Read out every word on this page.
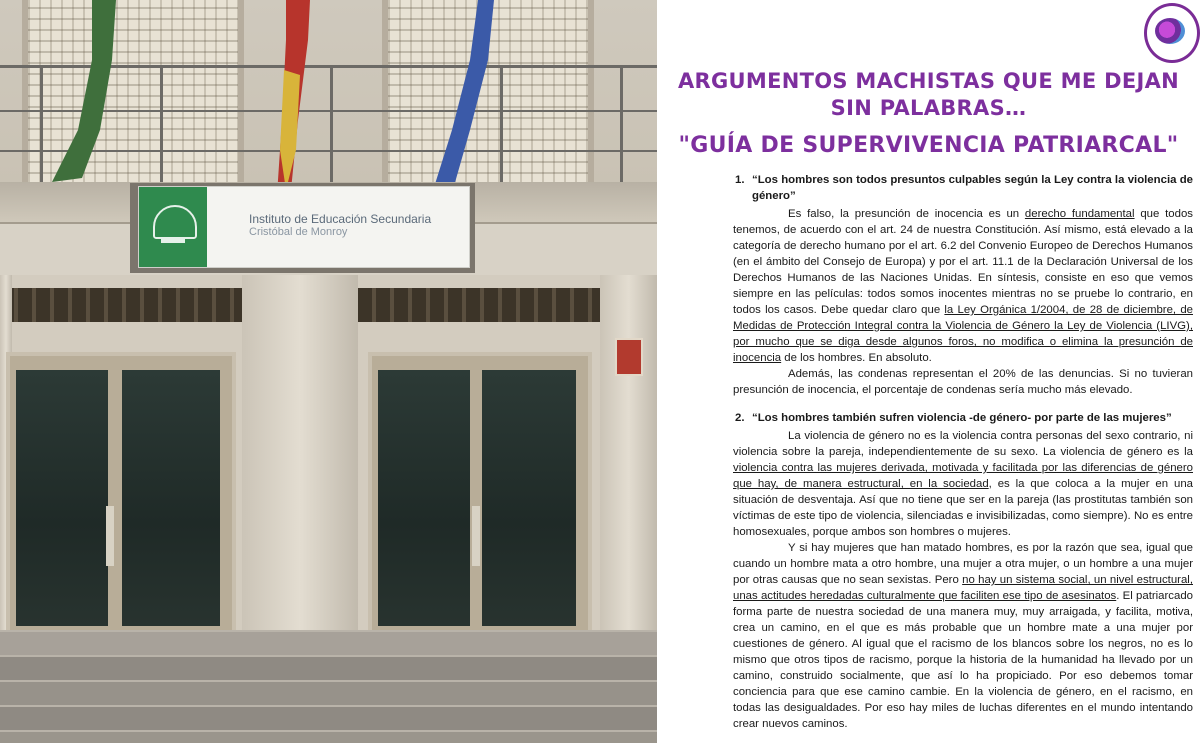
Instituto de Educación Secundaria
Cristóbal de Monroy
ARGUMENTOS MACHISTAS QUE ME DEJAN SIN PALABRAS…
"GUÍA DE SUPERVIVENCIA PATRIARCAL"
1. “Los hombres son todos presuntos culpables según la Ley contra la violencia de género”

Es falso, la presunción de inocencia es un derecho fundamental que todos tenemos, de acuerdo con el art. 24 de nuestra Constitución. Así mismo, está elevado a la categoría de derecho humano por el art. 6.2 del Convenio Europeo de Derechos Humanos (en el ámbito del Consejo de Europa) y por el art. 11.1 de la Declaración Universal de los Derechos Humanos de las Naciones Unidas. En síntesis, consiste en eso que vemos siempre en las películas: todos somos inocentes mientras no se pruebe lo contrario, en todos los casos. Debe quedar claro que la Ley Orgánica 1/2004, de 28 de diciembre, de Medidas de Protección Integral contra la Violencia de Género la Ley de Violencia (LIVG), por mucho que se diga desde algunos foros, no modifica o elimina la presunción de inocencia de los hombres. En absoluto.

Además, las condenas representan el 20% de las denuncias. Si no tuvieran presunción de inocencia, el porcentaje de condenas sería mucho más elevado.

2. “Los hombres también sufren violencia -de género- por parte de las mujeres”

La violencia de género no es la violencia contra personas del sexo contrario, ni violencia sobre la pareja, independientemente de su sexo. La violencia de género es la violencia contra las mujeres derivada, motivada y facilitada por las diferencias de género que hay, de manera estructural, en la sociedad, es la que coloca a la mujer en una situación de desventaja. Así que no tiene que ser en la pareja (las prostitutas también son víctimas de este tipo de violencia, silenciadas e invisibilizadas, como siempre). No es entre homosexuales, porque ambos son hombres o mujeres.

Y si hay mujeres que han matado hombres, es por la razón que sea, igual que cuando un hombre mata a otro hombre, una mujer a otra mujer, o un hombre a una mujer por otras causas que no sean sexistas. Pero no hay un sistema social, un nivel estructural, unas actitudes heredadas culturalmente que faciliten ese tipo de asesinatos. El patriarcado forma parte de nuestra sociedad de una manera muy, muy arraigada, y facilita, motiva, crea un camino, en el que es más probable que un hombre mate a una mujer por cuestiones de género. Al igual que el racismo de los blancos sobre los negros, no es lo mismo que otros tipos de racismo, porque la historia de la humanidad ha llevado por un camino, construido socialmente, que así lo ha propiciado. Por eso debemos tomar conciencia para que ese camino cambie. En la violencia de género, en el racismo, en todas las desigualdades. Por eso hay miles de luchas diferentes en el mundo intentando crear nuevos caminos.
